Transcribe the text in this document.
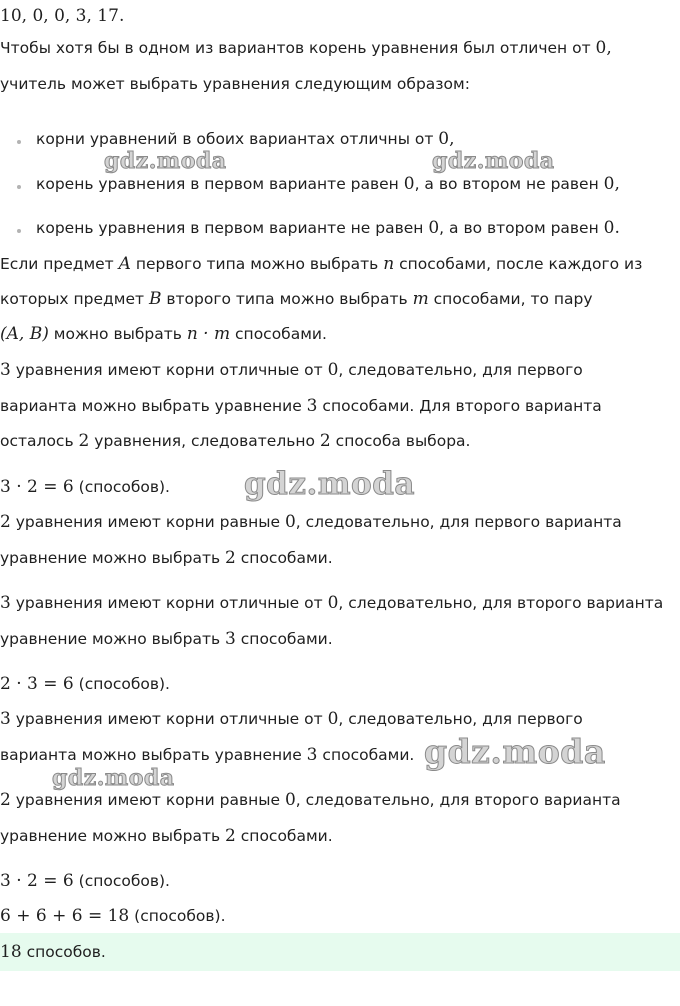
10, 0, 0, 3, 17.
Чтобы хотя бы в одном из вариантов корень уравнения был отличен от 0,
учитель может выбрать уравнения следующим образом:
корни уравнений в обоих вариантах отличны от 0,
корень уравнения в первом варианте равен 0, а во втором не равен 0,
корень уравнения в первом варианте не равен 0, а во втором равен 0.
Если предмет A первого типа можно выбрать n способами, после каждого из
которых предмет B второго типа можно выбрать m способами, то пару
(A, B) можно выбрать n · m способами.
3 уравнения имеют корни отличные от 0, следовательно, для первого
варианта можно выбрать уравнение 3 способами. Для второго варианта
осталось 2 уравнения, следовательно 2 способа выбора.
3 · 2 = 6 (способов).
2 уравнения имеют корни равные 0, следовательно, для первого варианта
уравнение можно выбрать 2 способами.
3 уравнения имеют корни отличные от 0, следовательно, для второго варианта
уравнение можно выбрать 3 способами.
2 · 3 = 6 (способов).
3 уравнения имеют корни отличные от 0, следовательно, для первого
варианта можно выбрать уравнение 3 способами.
2 уравнения имеют корни равные 0, следовательно, для второго варианта
уравнение можно выбрать 2 способами.
3 · 2 = 6 (способов).
6 + 6 + 6 = 18 (способов).
18 способов.
gdz.moda	gdz.moda
gdz.moda
gdz.moda
gdz.moda
